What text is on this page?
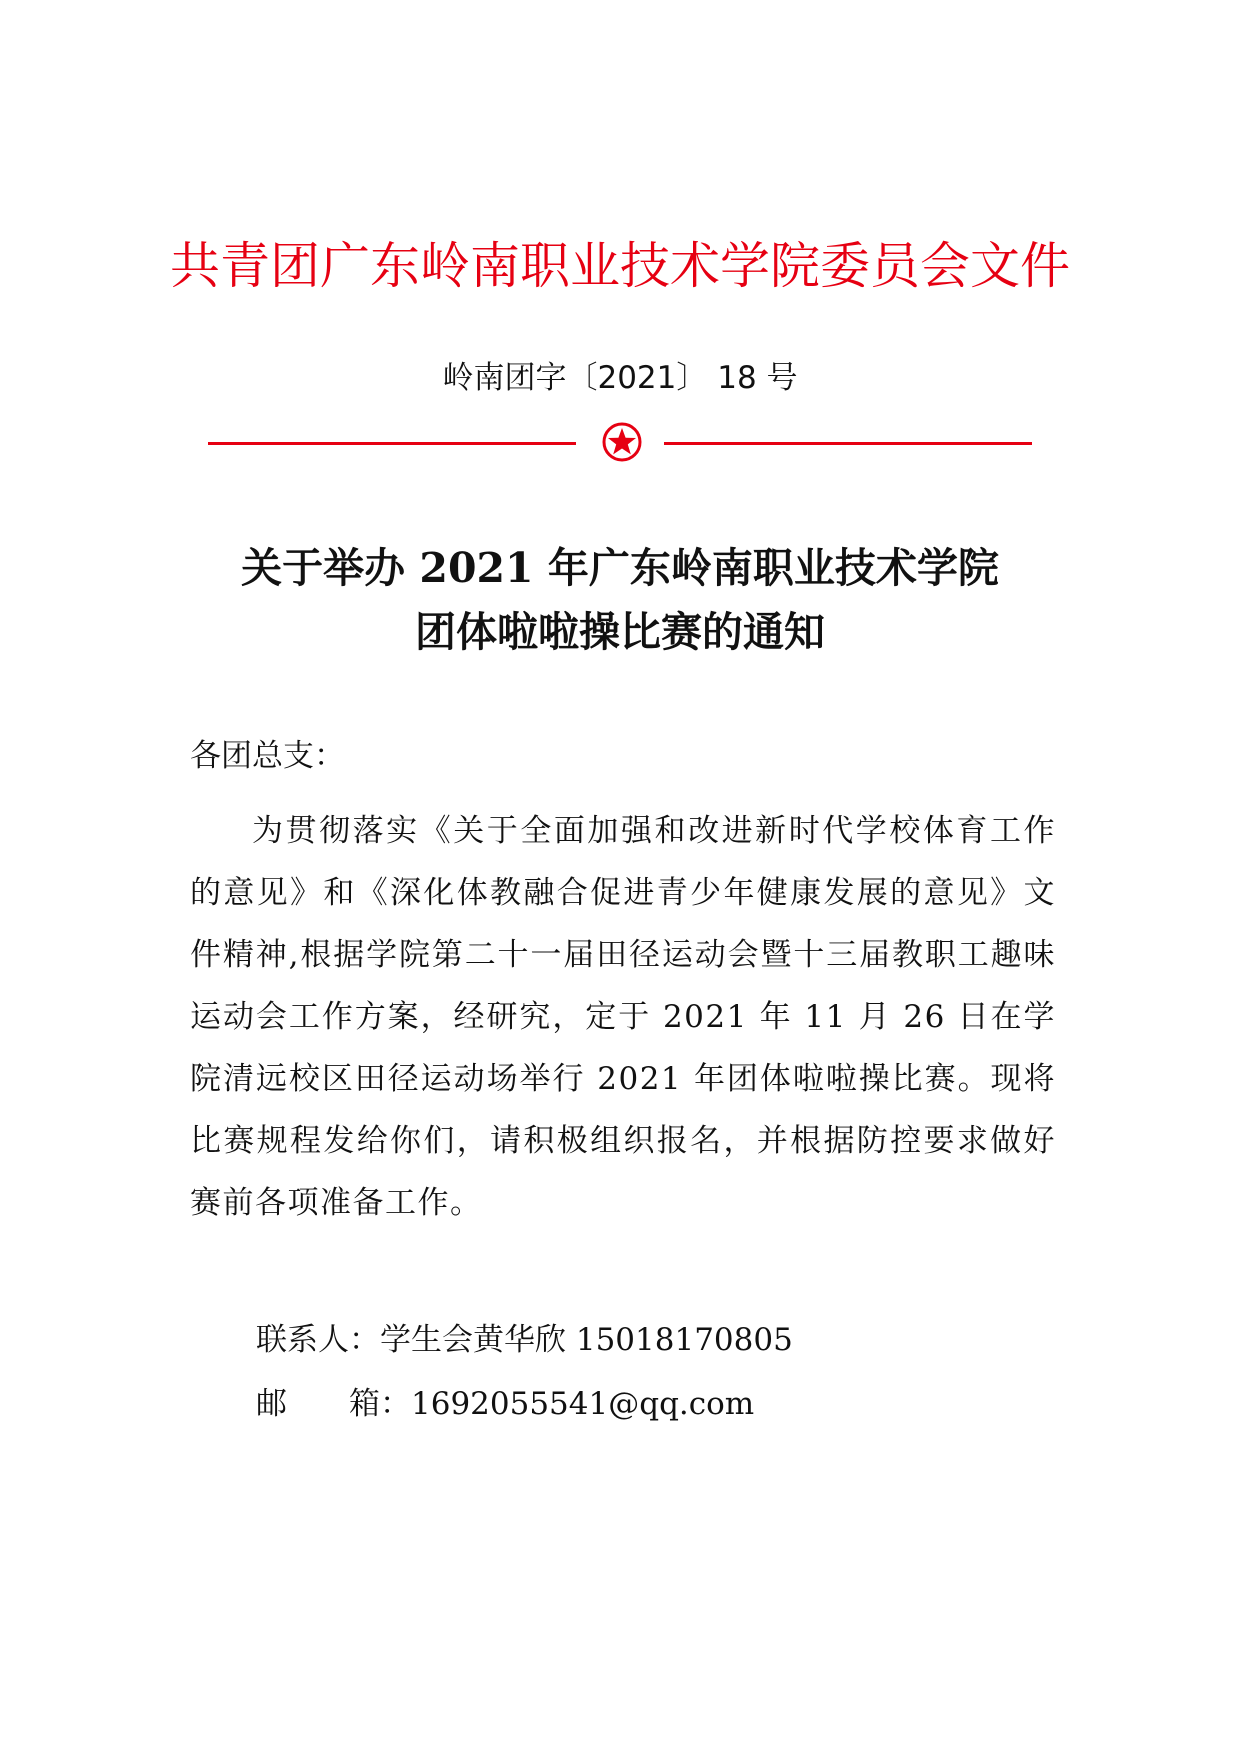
共青团广东岭南职业技术学院委员会文件
岭南团字〔2021〕 18 号
关于举办 2021 年广东岭南职业技术学院
团体啦啦操比赛的通知
各团总支：
为贯彻落实《关于全面加强和改进新时代学校体育工作的意见》和《深化体教融合促进青少年健康发展的意见》文件精神,根据学院第二十一届田径运动会暨十三届教职工趣味运动会工作方案，经研究，定于 2021 年 11 月 26 日在学院清远校区田径运动场举行 2021 年团体啦啦操比赛。现将比赛规程发给你们，请积极组织报名，并根据防控要求做好赛前各项准备工作。
联系人：学生会黄华欣 15018170805
邮 箱：1692055541@qq.com
